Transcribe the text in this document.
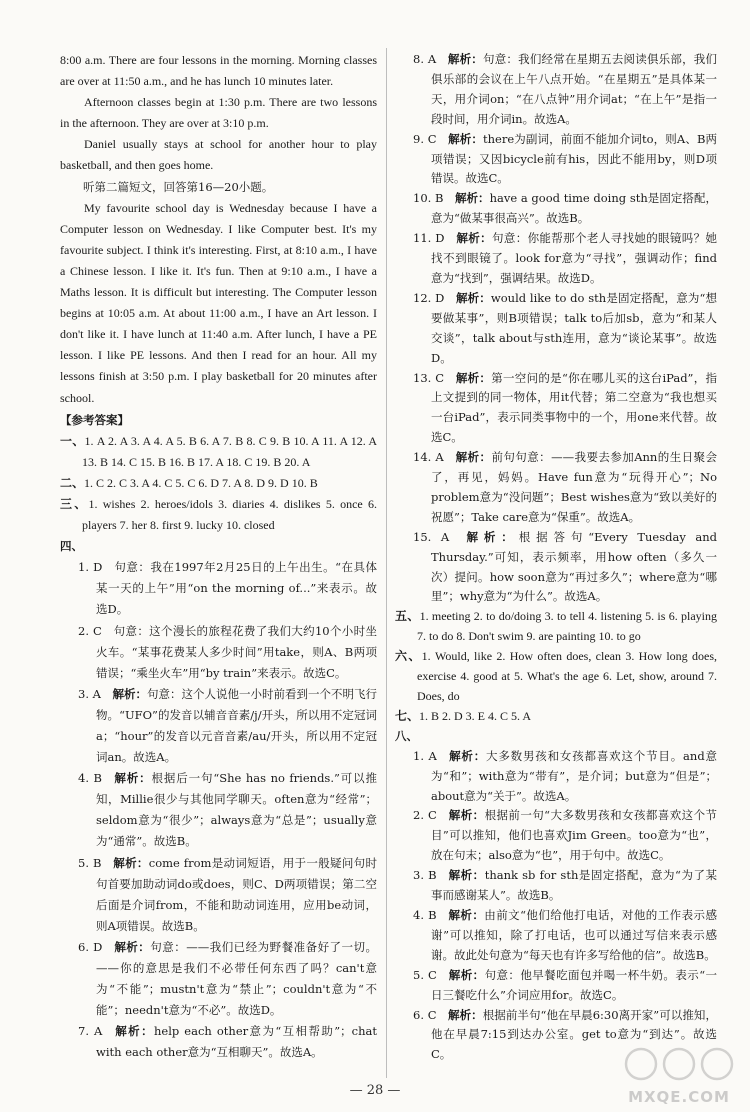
8:00 a.m. There are four lessons in the morning. Morning classes are over at 11:50 a.m., and he has lunch 10 minutes later.

Afternoon classes begin at 1:30 p.m. There are two lessons in the afternoon. They are over at 3:10 p.m.

Daniel usually stays at school for another hour to play basketball, and then goes home.

听第二篇短文，回答第16—20小题。

My favourite school day is Wednesday because I have a Computer lesson on Wednesday. I like Computer best. It's my favourite subject. I think it's interesting. First, at 8:10 a.m., I have a Chinese lesson. I like it. It's fun. Then at 9:10 a.m., I have a Maths lesson. It is difficult but interesting. The Computer lesson begins at 10:05 a.m. At about 11:00 a.m., I have an Art lesson. I don't like it. I have lunch at 11:40 a.m. After lunch, I have a PE lesson. I like PE lessons. And then I read for an hour. All my lessons finish at 3:50 p.m. I play basketball for 20 minutes after school.

【参考答案】

一、1. A 2. A 3. A 4. A 5. B 6. A 7. B 8. C 9. B 10. A 11. A 12. A 13. B 14. C 15. B 16. B 17. A 18. C 19. B 20. A

二、1. C 2. C 3. A 4. C 5. C 6. D 7. A 8. D 9. D 10. B

三、1. wishes 2. heroes/idols 3. diaries 4. dislikes 5. once 6. players 7. her 8. first 9. lucky 10. closed

四、

1. D  句意：我在1997年2月25日的上午出生。“在具体某一天的上午”用“on the morning of...”来表示。故选D。

2. C  句意：这个漫长的旅程花费了我们大约10个小时坐火车。“某事花费某人多少时间”用take，则A、B两项错误；“乘坐火车”用“by train”来表示。故选C。

3. A  解析：句意：这个人说他一小时前看到一个不明飞行物。“UFO”的发音以辅音音素/j/开头，所以用不定冠词a；“hour”的发音以元音音素/au/开头，所以用不定冠词an。故选A。

4. B  解析：根据后一句“She has no friends.”可以推知，Millie很少与其他同学聊天。often意为“经常”；seldom意为“很少”；always意为“总是”；usually意为“通常”。故选B。

5. B  解析：come from是动词短语，用于一般疑问句时句首要加助动词do或does，则C、D两项错误；第二空后面是介词from，不能和助动词连用，应用be动词，则A项错误。故选B。

6. D  解析：句意：——我们已经为野餐准备好了一切。——你的意思是我们不必带任何东西了吗？can't意为“不能”；mustn't意为“禁止”；couldn't意为“不能”；needn't意为“不必”。故选D。

7. A  解析：help each other意为“互相帮助”；chat with each other意为“互相聊天”。故选A。

8. A  解析：句意：我们经常在星期五去阅读俱乐部，我们俱乐部的会议在上午八点开始。“在星期五”是具体某一天，用介词on；“在八点钟”用介词at；“在上午”是指一段时间，用介词in。故选A。

9. C  解析：there为副词，前面不能加介词to，则A、B两项错误；又因bicycle前有his，因此不能用by，则D项错误。故选C。

10. B  解析：have a good time doing sth是固定搭配，意为“做某事很高兴”。故选B。

11. D  解析：句意：你能帮那个老人寻找她的眼镜吗？她找不到眼镜了。look for意为“寻找”，强调动作；find意为“找到”，强调结果。故选D。

12. D  解析：would like to do sth是固定搭配，意为“想要做某事”，则B项错误；talk to后加sb，意为“和某人交谈”，talk about与sth连用，意为“谈论某事”。故选D。

13. C  解析：第一空问的是“你在哪儿买的这台iPad”，指上文提到的同一物体，用it代替；第二空意为“我也想买一台iPad”，表示同类事物中的一个，用one来代替。故选C。

14. A  解析：前句句意：——我要去参加Ann的生日聚会了，再见，妈妈。Have fun意为“玩得开心”；No problem意为“没问题”；Best wishes意为“致以美好的祝愿”；Take care意为“保重”。故选A。

15. A  解析：根据答句“Every Tuesday and Thursday.”可知，表示频率，用how often（多久一次）提问。how soon意为“再过多久”；where意为“哪里”；why意为“为什么”。故选A。

五、1. meeting 2. to do/doing 3. to tell 4. listening 5. is 6. playing 7. to do 8. Don't swim 9. are painting 10. to go

六、1. Would, like 2. How often does, clean 3. How long does, exercise 4. good at 5. What's the age 6. Let, show, around 7. Does, do

七、1. B 2. D 3. E 4. C 5. A

八、

1. A  解析：大多数男孩和女孩都喜欢这个节目。and意为“和”；with意为“带有”，是介词；but意为“但是”；about意为“关于”。故选A。

2. C  解析：根据前一句“大多数男孩和女孩都喜欢这个节目”可以推知，他们也喜欢Jim Green。too意为“也”，放在句末；also意为“也”，用于句中。故选C。

3. B  解析：thank sb for sth是固定搭配，意为“为了某事而感谢某人”。故选B。

4. B  解析：由前文“他们给他打电话，对他的工作表示感谢”可以推知，除了打电话，也可以通过写信来表示感谢。故此处句意为“每天也有许多写给他的信”。故选B。

5. C  解析：句意：他早餐吃面包并喝一杯牛奶。表示“一日三餐吃什么”介词应用for。故选C。

6. C  解析：根据前半句“他在早晨6:30离开家”可以推知，他在早晨7:15到达办公室。get to意为“到达”。故选C。

— 28 —	MXQE.COM
